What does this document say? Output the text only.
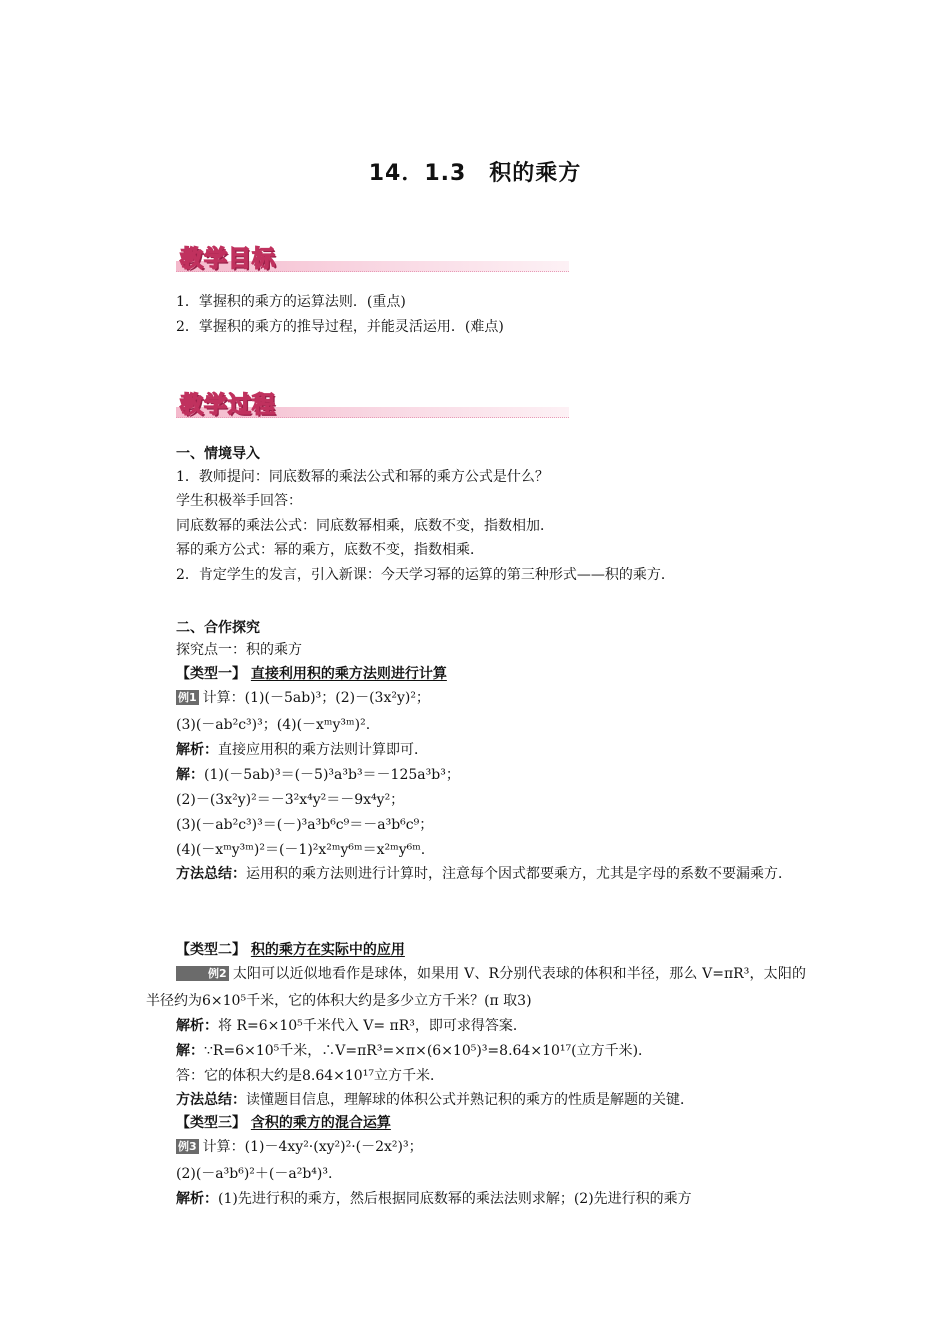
14．1.3　积的乘方
教学目标
1．掌握积的乘方的运算法则．(重点)
2．掌握积的乘方的推导过程，并能灵活运用．(难点)
教学过程
一、情境导入
1．教师提问：同底数幂的乘法公式和幂的乘方公式是什么？
学生积极举手回答：
同底数幂的乘法公式：同底数幂相乘，底数不变，指数相加．
幂的乘方公式：幂的乘方，底数不变，指数相乘．
2．肯定学生的发言，引入新课：今天学习幂的运算的第三种形式——积的乘方．
二、合作探究
探究点一：积的乘方
【类型一】 直接利用积的乘方法则进行计算
例1 计算：(1)(－5ab)³；(2)－(3x²y)²；
(3)(－ab²c³)³；(4)(－xᵐy³ᵐ)².
解析：直接应用积的乘方法则计算即可．
解：(1)(－5ab)³＝(－5)³a³b³＝－125a³b³；
(2)－(3x²y)²＝－3²x⁴y²＝－9x⁴y²；
(3)(－ab²c³)³＝(－)³a³b⁶c⁹＝－a³b⁶c⁹；
(4)(－xᵐy³ᵐ)²＝(－1)²x²ᵐy⁶ᵐ＝x²ᵐy⁶ᵐ.
方法总结：运用积的乘方法则进行计算时，注意每个因式都要乘方，尤其是字母的系数不要漏乘方．
【类型二】 积的乘方在实际中的应用
例2 太阳可以近似地看作是球体，如果用 V、R分别代表球的体积和半径，那么 V=πR³，太阳的半径约为6×10⁵千米，它的体积大约是多少立方千米？(π 取3)
解析：将 R=6×10⁵千米代入 V= πR³，即可求得答案．
解：∵R=6×10⁵千米，∴V=πR³=×π×(6×10⁵)³=8.64×10¹⁷(立方千米)．
答：它的体积大约是8.64×10¹⁷立方千米．
方法总结：读懂题目信息，理解球的体积公式并熟记积的乘方的性质是解题的关键．
【类型三】 含积的乘方的混合运算
例3 计算：(1)－4xy²·(xy²)²·(－2x²)³；
(2)(－a³b⁶)²＋(－a²b⁴)³.
解析：(1)先进行积的乘方，然后根据同底数幂的乘法法则求解；(2)先进行积的乘方
